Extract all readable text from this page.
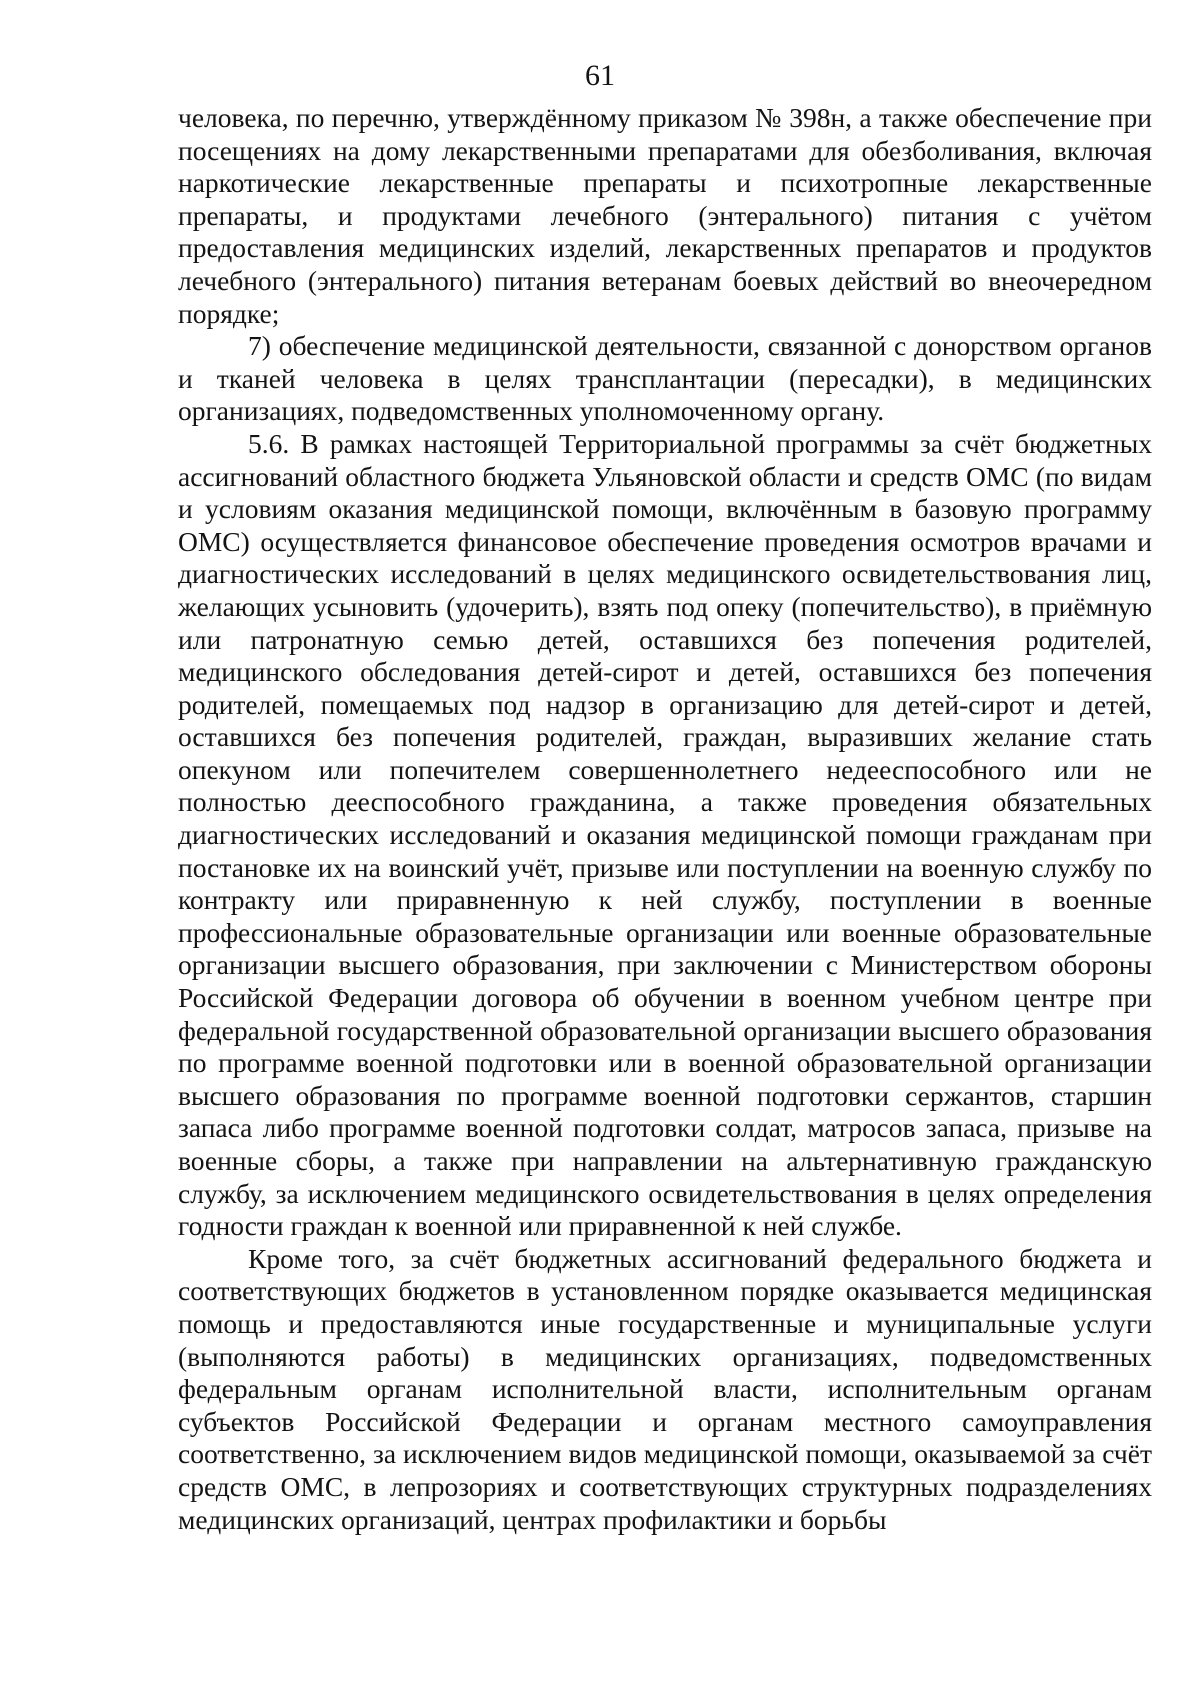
61

человека, по перечню, утверждённому приказом № 398н, а также обеспечение при посещениях на дому лекарственными препаратами для обезболивания, включая наркотические лекарственные препараты и психотропные лекарственные препараты, и продуктами лечебного (энтерального) питания с учётом предоставления медицинских изделий, лекарственных препаратов и продуктов лечебного (энтерального) питания ветеранам боевых действий во внеочередном порядке;

7) обеспечение медицинской деятельности, связанной с донорством органов и тканей человека в целях трансплантации (пересадки), в медицинских организациях, подведомственных уполномоченному органу.

5.6. В рамках настоящей Территориальной программы за счёт бюджетных ассигнований областного бюджета Ульяновской области и средств ОМС (по видам и условиям оказания медицинской помощи, включённым в базовую программу ОМС) осуществляется финансовое обеспечение проведения осмотров врачами и диагностических исследований в целях медицинского освидетельствования лиц, желающих усыновить (удочерить), взять под опеку (попечительство), в приёмную или патронатную семью детей, оставшихся без попечения родителей, медицинского обследования детей-сирот и детей, оставшихся без попечения родителей, помещаемых под надзор в организацию для детей-сирот и детей, оставшихся без попечения родителей, граждан, выразивших желание стать опекуном или попечителем совершеннолетнего недееспособного или не полностью дееспособного гражданина, а также проведения обязательных диагностических исследований и оказания медицинской помощи гражданам при постановке их на воинский учёт, призыве или поступлении на военную службу по контракту или приравненную к ней службу, поступлении в военные профессиональные образовательные организации или военные образовательные организации высшего образования, при заключении с Министерством обороны Российской Федерации договора об обучении в военном учебном центре при федеральной государственной образовательной организации высшего образования по программе военной подготовки или в военной образовательной организации высшего образования по программе военной подготовки сержантов, старшин запаса либо программе военной подготовки солдат, матросов запаса, призыве на военные сборы, а также при направлении на альтернативную гражданскую службу, за исключением медицинского освидетельствования в целях определения годности граждан к военной или приравненной к ней службе.

Кроме того, за счёт бюджетных ассигнований федерального бюджета и соответствующих бюджетов в установленном порядке оказывается медицинская помощь и предоставляются иные государственные и муниципальные услуги (выполняются работы) в медицинских организациях, подведомственных федеральным органам исполнительной власти, исполнительным органам субъектов Российской Федерации и органам местного самоуправления соответственно, за исключением видов медицинской помощи, оказываемой за счёт средств ОМС, в лепрозориях и соответствующих структурных подразделениях медицинских организаций, центрах профилактики и борьбы
